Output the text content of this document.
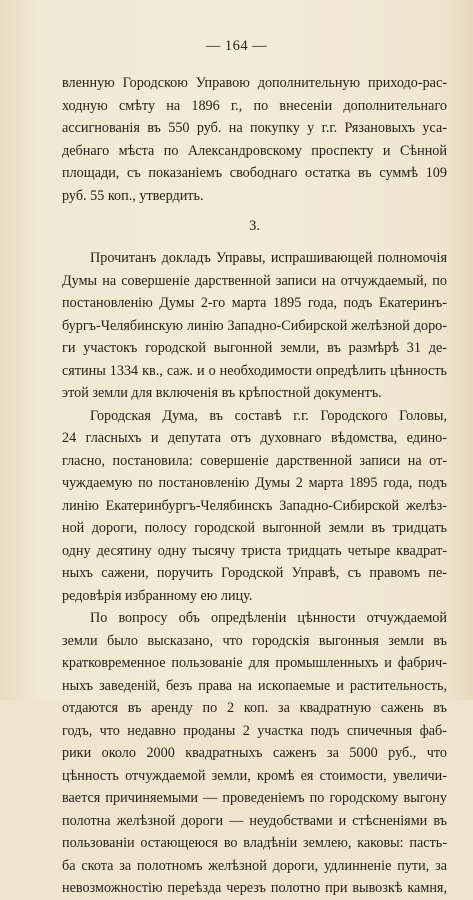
— 164 —
вленную Городскою Управою дополнительную приходо-рас-
ходную смѣту на 1896 г., по внесеніи дополнительнаго
ассигнованія въ 550 руб. на покупку у г.г. Рязановыхъ уса-
дебнаго мѣста по Александровскому проспекту и Сѣнной
площади, съ показаніемъ свободнаго остатка въ суммѣ 109
руб. 55 коп., утвердить.
3.
Прочитанъ докладъ Управы, испрашивающей полномочія
Думы на совершеніе дарственной записи на отчуждаемый, по
постановленію Думы 2-го марта 1895 года, подъ Екатеринъ-
бургъ-Челябинскую линію Западно-Сибирской желѣзной доро-
ги участокъ городской выгонной земли, въ размѣрѣ 31 де-
сятины 1334 кв., саж. и о необходимости опредѣлить цѣнность
этой земли для включенія въ крѣпостной документъ.
Городская Дума, въ составѣ г.г. Городского Головы,
24 гласныхъ и депутата отъ духовнаго вѣдомства, едино-
гласно, постановила: совершеніе дарственной записи на от-
чуждаемую по постановленію Думы 2 марта 1895 года, подъ
линію Екатеринбургъ-Челябинскъ Западно-Сибирской желѣз-
ной дороги, полосу городской выгонной земли въ тридцать
одну десятину одну тысячу триста тридцать четыре квадрат-
ныхъ сажени, поручить Городской Управѣ, съ правомъ пе-
редовѣрія избранному ею лицу.
По вопросу объ опредѣленіи цѣнности отчуждаемой
земли было высказано, что городскія выгонныя земли въ
кратковременное пользованіе для промышленныхъ и фабрич-
ныхъ заведеній, безъ права на ископаемые и растительность,
отдаются въ аренду по 2 коп. за квадратную сажень въ
годъ, что недавно проданы 2 участка подъ спичечныя фаб-
рики около 2000 квадратныхъ саженъ за 5000 руб., что
цѣнность отчуждаемой земли, кромѣ ея стоимости, увеличи-
вается причиняемыми — проведеніемъ по городскому выгону
полотна желѣзной дороги — неудобствами и стѣсненіями въ
пользованіи остающеюся во владѣніи землею, каковы: пасть-
ба скота за полотномъ желѣзной дороги, удлинненіе пути, за
невозможностію переѣзда черезъ полотно при вывозкѣ камня,
